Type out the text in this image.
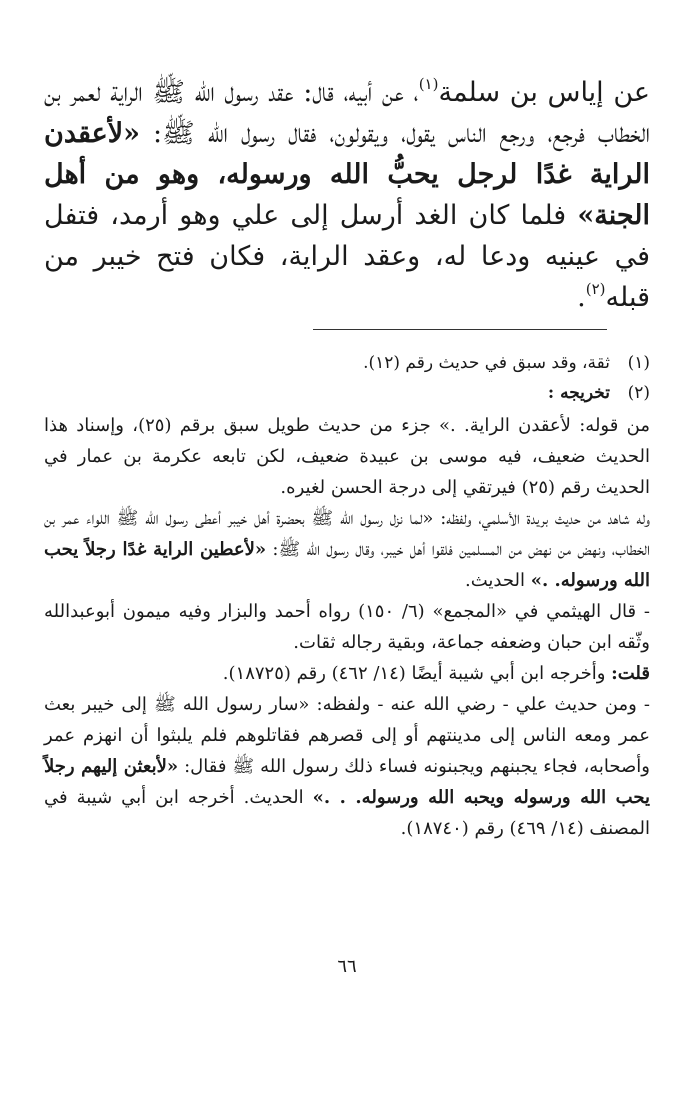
عن إياس بن سلمة$^{(١)}$، عن أبيه، قال: عقد رسول الله ﷺ الراية لعمر بن الخطاب فرجع، ورجع الناس يقول، ويقولون، فقال رسول الله ﷺ: «لأعقدن الراية غدًا لرجل يحبُّ الله ورسوله، وهو من أهل الجنة» فلما كان الغد أرسل إلى علي وهو أرمد، فتفل في عينيه ودعا له، وعقد الراية، فكان فتح خيبر من قبله$^{(٢)}$.
(١)
ثقة، وقد سبق في حديث رقم (١٢).
(٢)
تخريجه :

من قوله: لأعقدن الراية. .» جزء من حديث طويل سبق برقم (٢٥)، وإسناد هذا الحديث ضعيف، فيه موسى بن عبيدة ضعيف، لكن تابعه عكرمة بن عمار في الحديث رقم (٢٥) فيرتقي إلى درجة الحسن لغيره.

وله شاهد من حديث بريدة الأسلمي، ولفظه: «لما نزل رسول الله ﷺ بحضرة أهل خيبر أعطى رسول الله ﷺ اللواء عمر بن الخطاب، ونهض من نهض من المسلمين فلقوا أهل خيبر، وقال رسول الله ﷺ: «لأعطين الراية غدًا رجلاً يحب الله ورسوله. .» الحديث.

- قال الهيثمي في «المجمع» (٦/ ١٥٠) رواه أحمد والبزار وفيه ميمون أبوعبدالله وثّقه ابن حبان وضعفه جماعة، وبقية رجاله ثقات.

قلت: وأخرجه ابن أبي شيبة أيضًا (١٤/ ٤٦٢) رقم (١٨٧٢٥).

- ومن حديث علي - رضي الله عنه - ولفظه: «سار رسول الله ﷺ إلى خيبر بعث عمر ومعه الناس إلى مدينتهم أو إلى قصرهم فقاتلوهم فلم يلبثوا أن انهزم عمر وأصحابه، فجاء يجبنهم ويجبنونه فساء ذلك رسول الله ﷺ فقال: «لأبعثن إليهم رجلاً يحب الله ورسوله ويحبه الله ورسوله. . .» الحديث. أخرجه ابن أبي شيبة في المصنف (١٤/ ٤٦٩) رقم (١٨٧٤٠).

٦٦
